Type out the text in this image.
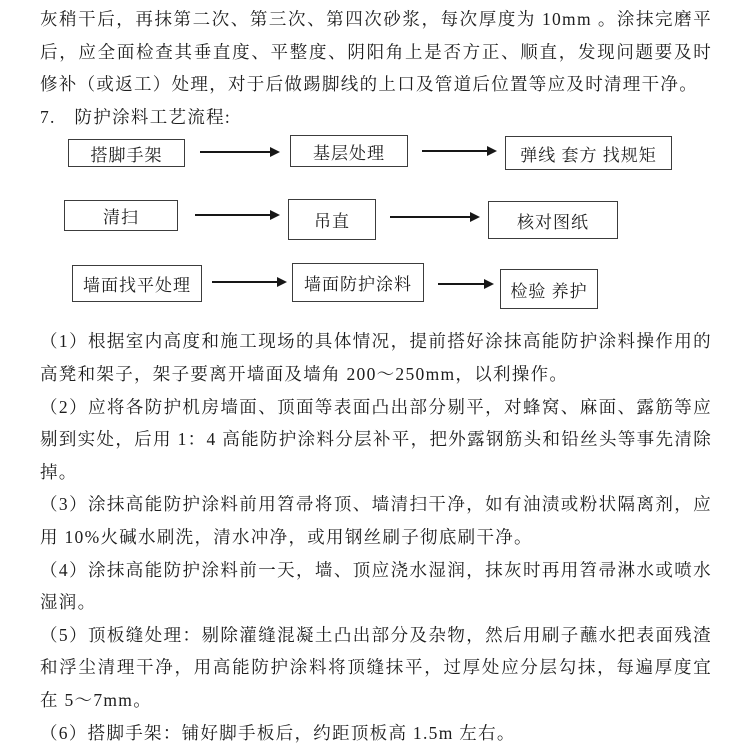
灰稍干后，再抹第二次、第三次、第四次砂浆，每次厚度为 10mm 。涂抹完磨平后，应全面检查其垂直度、平整度、阴阳角上是否方正、顺直，发现问题要及时修补（或返工）处理，对于后做踢脚线的上口及管道后位置等应及时清理干净。

7.　防护涂料工艺流程:

搭脚手架	基层处理	弹线 套方 找规矩
清扫	吊直	核对图纸
墙面找平处理	墙面防护涂料	检验 养护

（1）根据室内高度和施工现场的具体情况，提前搭好涂抹高能防护涂料操作用的高凳和架子，架子要离开墙面及墙角 200～250mm，以利操作。

（2）应将各防护机房墙面、顶面等表面凸出部分剔平，对蜂窝、麻面、露筋等应剔到实处，后用 1：4 高能防护涂料分层补平，把外露钢筋头和铅丝头等事先清除掉。

（3）涂抹高能防护涂料前用笤帚将顶、墙清扫干净，如有油渍或粉状隔离剂，应用 10%火碱水刷洗，清水冲净，或用钢丝刷子彻底刷干净。

（4）涂抹高能防护涂料前一天，墙、顶应浇水湿润，抹灰时再用笤帚淋水或喷水湿润。

（5）顶板缝处理：剔除灌缝混凝土凸出部分及杂物，然后用刷子蘸水把表面残渣和浮尘清理干净，用高能防护涂料将顶缝抹平，过厚处应分层勾抹，每遍厚度宜在 5～7mm。

（6）搭脚手架：铺好脚手板后，约距顶板高 1.5m 左右。
